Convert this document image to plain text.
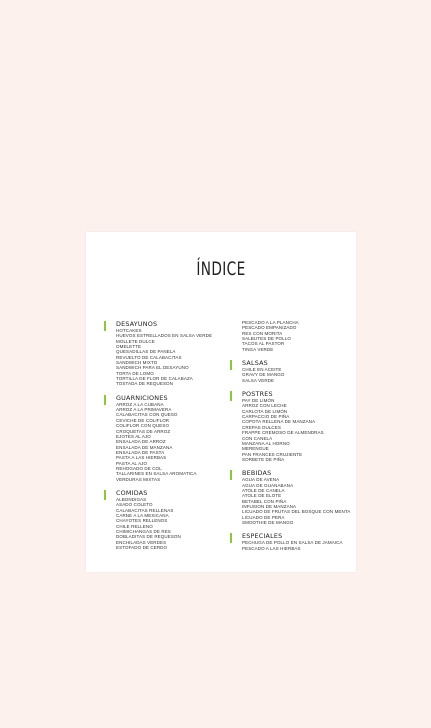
ÍNDICE
DESAYUNOS
HOTCAKES
HUEVOS ESTRELLADOS EN SALSA VERDE
MOLLETE DULCE
OMELETTE
QUESADILLAS DE PANELA
REVUELTO DE CALABACITAS
SANDWICH MIXTO
SANDWICH PARA EL DESAYUNO
TORTA DE LOMO
TORTILLA DE FLOR DE CALABAZA
TOSTADA DE REQUESON
GUARNICIONES
ARROZ A LA CUBANA
ARROZ A LA PRIMAVERA
CALABACITAS CON QUESO
CEVICHE DE COLIFLOR
COLIFLOR CON QUESO
CROQUETAS DE ARROZ
EJOTES AL AJO
ENSALADA DE ARROZ
ENSALADA DE MANZANA
ENSALADA DE PASTA
PASTA A LAS HIERBAS
PASTA AL AJO
REHOGADO DE COL
TALLARINES EN SALSA AROMATICA
VERDURAS MIXTAS
COMIDAS
ALBONDIGAS
ASADO COLETO
CALABACITAS RELLENAS
CARNE A LA MEXICANA
CHAYOTES RELLENOS
CHILE RELLENO
CHIMICHANGAS DE RES
DOBLADITAS DE REQUESON
ENCHILADAS VERDES
ESTOFADO DE CERDO
PESCADO A LA PLANCHA
PESCADO EMPANIZADO
RES CON MORITA
SALBUTES DE POLLO
TACOS AL PASTOR
TINGA VERDE
SALSAS
CHILE EN ACEITE
GRAVY DE MANGO
SALSA VERDE
POSTRES
PAY DE LIMÓN
ARROZ CON LECHE
CARLOTA DE LIMÓN
CARPACCIO DE PIÑA
COPOTA RELLENA DE MANZANA
CREPAS DULCES
FRAPPE CREMOSO DE ALMENDRAS
CON CANELA
MANZANA AL HORNO
MERENGUE
PAN FRANCES CRUJIENTE
SORBETE DE PIÑA
BEBIDAS
AGUA DE AVENA
AGUA DE GUANABANA
ATOLE DE CANELA
ATOLE DE ELOTE
BETABEL CON PIÑA
INFUSION DE MANZANA
LICUADO DE FRUTAS DEL BOSQUE CON MENTA
LICUADO DE PERA
SMOOTHIE DE MANGO
ESPECIALES
PECHUGA DE POLLO EN SALSA DE JAMAICA
PESCADO A LAS HIERBAS
